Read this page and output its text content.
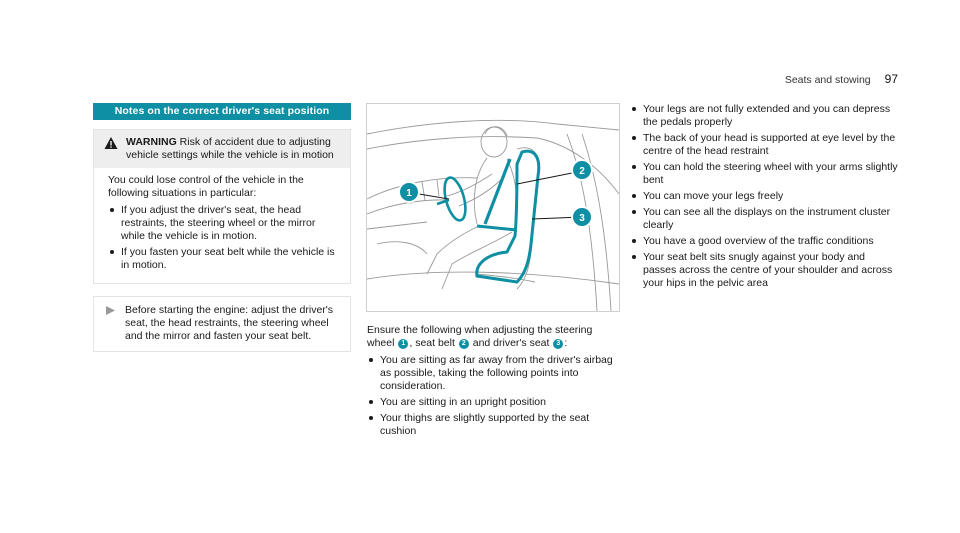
Seats and stowing 97
Notes on the correct driver's seat position
WARNING Risk of accident due to adjusting vehicle settings while the vehicle is in motion

You could lose control of the vehicle in the following situations in particular:

If you adjust the driver's seat, the head restraints, the steering wheel or the mirror while the vehicle is in motion.
If you fasten your seat belt while the vehicle is in motion.
Before starting the engine: adjust the driver's seat, the head restraints, the steering wheel and the mirror and fasten your seat belt.
1
2
3

Ensure the following when adjusting the steering wheel 1 , seat belt 2 and driver's seat 3 :

You are sitting as far away from the driver's airbag as possible, taking the following points into consideration.
You are sitting in an upright position
Your thighs are slightly supported by the seat cushion
Your legs are not fully extended and you can depress the pedals properly
The back of your head is supported at eye level by the centre of the head restraint
You can hold the steering wheel with your arms slightly bent
You can move your legs freely
You can see all the displays on the instrument cluster clearly
You have a good overview of the traffic conditions
Your seat belt sits snugly against your body and passes across the centre of your shoulder and across your hips in the pelvic area
